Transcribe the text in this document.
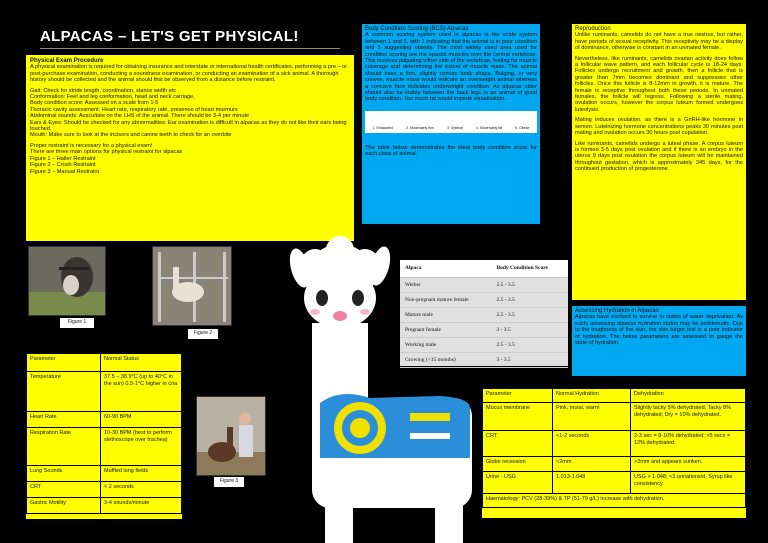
ALPACAS – LET'S GET PHYSICAL!
Physical Exam Procedure

A physical examination is required for obtaining insurance and interstate or international health certificates, performing a pre – or post-purchase examination, conducting a soundness examination, or conducting an examination of a sick animal. A thorough history should be collected and the animal should first be observed from a distance before restraint.

Gait: Check for stride length, coordination, stance width etc
Conformation: Feet and leg conformation, head and neck carriage,
Body condition score: Assessed on a scale from 1-5
Thoracic cavity assessment: Heart rate, respiratory rate, presence of heart murmurs
Abdominal sounds: Auscultate on the LHS of the animal. There should be 3-4 per minute
Ears & Eyes: Should be checked for any abnormalities. Ear examination is difficult in alpacas as they do not like their ears being touched.
Mouth: Make sure to look at the incisors and canine teeth to check for an overbite

Proper restraint is necessary for a physical exam!
There are three main options for physical restraint for alpacas
Figure 1 – Halter Restraint
Figure 2 – Crush Restraint
Figure 3 – Manual Restraint

Figure 1
Figure 2
Parameter	Normal Status
Temperature	37.5 – 38.9°C (up to 40°C in the sun) 0.5-1°C higher in cria
Heart Rate	60-90 BPM
Respiration Rate	10-30 BPM (best to perform stethoscope over trachea)
Lung Sounds	Muffled lung fields
CRT	< 2 seconds
Gastric Motility	3-4 sounds/minute
Figure 3
Body Condition Scoring (BCS) Alpacas

A common scoring system used in alpacas is the scale system between 1 and 5, with 1 indicating that the animal is in poor condition and 5 suggesting obesity. The most widely used area used for condition scoring are the epaxial muscles over the central vertebrae. This involves palpating either side of the vertebrae, feeling for muscle coverage and determining the extent of muscle mass. The animal should have a firm, slightly convex body shape. Bulging, or very convex, muscle mass would indicate an overweight animal whereas a concave face indicates underweight condition. As alpacas older should also be visible between the back legs in an animal of good body condition. Too much fat would impede visualisation.

1. Emaciated	2. Moderately thin	3. Optimal	4. Moderately fat	5. Obese

The table below demonstrates the ideal body condition score for each class of animal.

Alpaca	Body Condition Score
Wether	2.5 - 3.5
Non-pregnant mature female	2.5 - 3.5
Mature male	2.5 - 3.5
Pregnant female	3 - 3.5
Working male	2.5 - 3.5
Growing (<15 months)	3 - 3.5
Reproduction

Unlike ruminants, camelids do not have a true oestrus, but rather, have periods of sexual receptivity. This receptivity may be a display of dominance, otherwise is constant in an unmated female.

Nevertheless, like ruminants, camelids ovarian activity does follow a follicular wave pattern, and each follicular cycle is 18-24 days. Follicles undergo recruitment and growth, then a follicle that is greater than 7mm becomes dominant and suppresses other follicles. Once this follicle is 8-12mm in growth, it is mature. The female is receptive throughout both these periods. In unmated females, the follicle will regress. Following a sterile mating, ovulation occurs, however the corpus luteum formed undergoes luteolysis.

Mating induces ovulation, as there is a GnRH-like hormone in semen. Luteinizing hormone concentrations peaks 30 minutes post mating and ovulation occurs 30 hours post copulation.

Like ruminants, camelids undergo a luteal phase. A corpus luteum is formed 3-5 days post ovulation and if there is an embryo in the uterus 9 days post ovulation the corpus luteum will be maintained throughout gestation, which is approximately 345 days, for the continued production of progesterone.

Assessing Hydration in Alpacas

Alpacas have evolved to survive in states of water deprivation. As such, assessing alpacas hydration status may be problematic. Due to the toughness of the skin, the skin turgor test is a poor indicator of hydration. The below parameters are assessed to gauge the state of hydration.

Parameter	Normal Hydration	Dehydration
Mucus membrane	Pink, moist, warm	Slightly tacky 5% dehydrated; Tacky 8% dehydrated; Dry = 10% dehydrated.
CRT	<1-2 seconds	2-3 sec = 8-10% dehydrated; >5 secs = 12% dehydrated.
Globe recession	<2mm	>2mm and appears sunken.
Urine - USG	1.013-1.048	USG > 1.048; <3 urinations/d, Syrup like consistency.
Haematology: PCV (28-39%) & TP (51-79 g/L) increase with dehydration.		
